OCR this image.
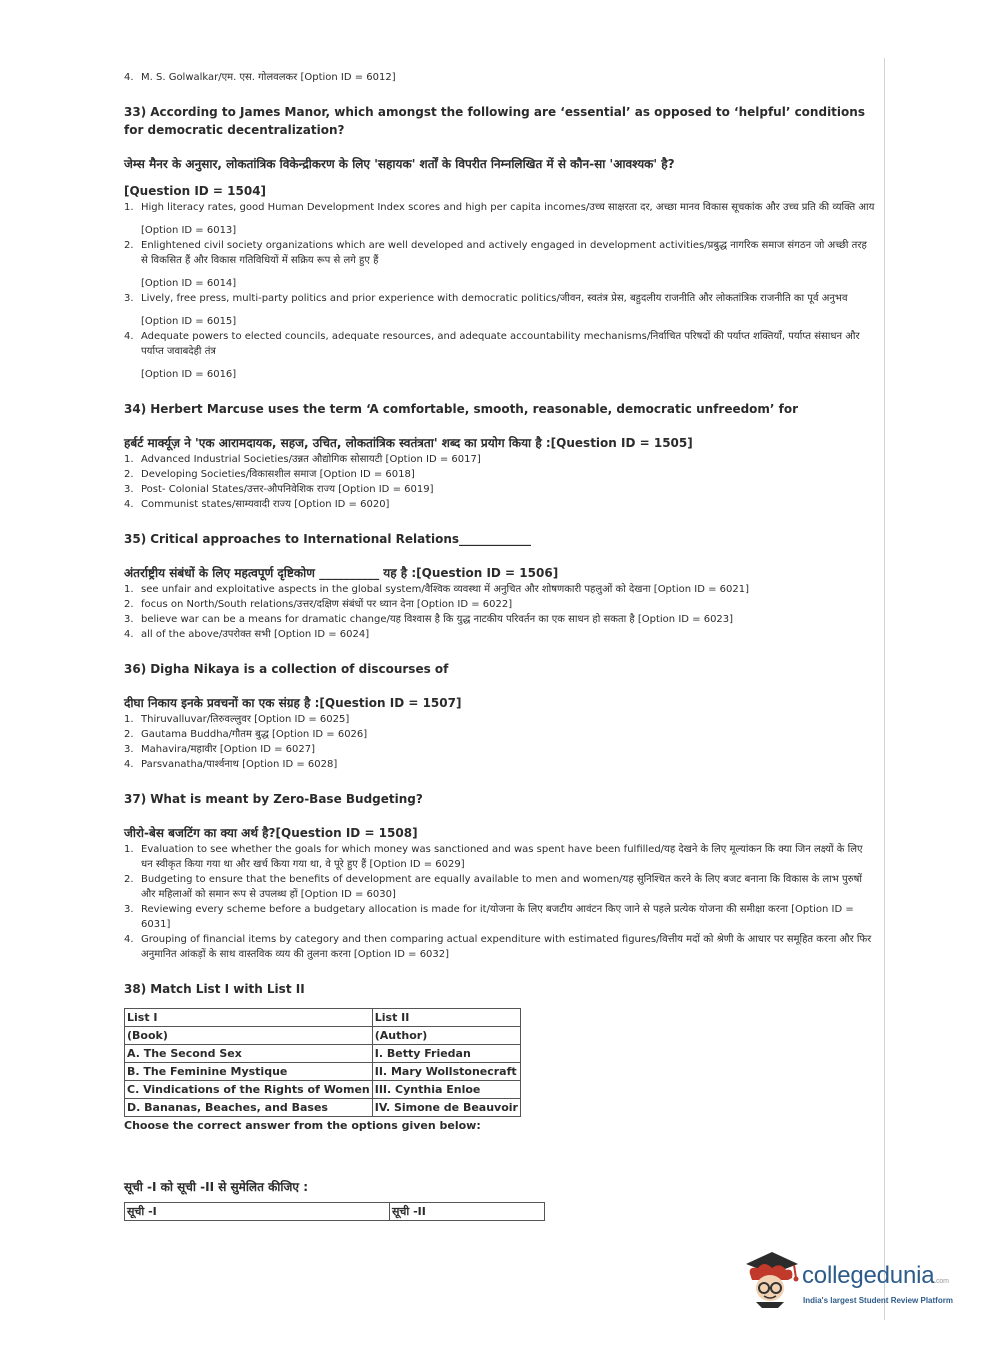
4. M. S. Golwalkar/एम. एस. गोलवलकर [Option ID = 6012]
33) According to James Manor, which amongst the following are ‘essential’ as opposed to ‘helpful’ conditions for democratic decentralization?
जेम्स मैनर के अनुसार, लोकतांत्रिक विकेन्द्रीकरण के लिए 'सहायक' शर्तों के विपरीत निम्नलिखित में से कौन-सा 'आवश्यक' है?
[Question ID = 1504]
1. High literacy rates, good Human Development Index scores and high per capita incomes/उच्च साक्षरता दर, अच्छा मानव विकास सूचकांक और उच्च प्रति की व्यक्ति आय
[Option ID = 6013]
2. Enlightened civil society organizations which are well developed and actively engaged in development activities/प्रबुद्ध नागरिक समाज संगठन जो अच्छी तरह से विकसित हैं और विकास गतिविधियों में सक्रिय रूप से लगे हुए हैं
[Option ID = 6014]
3. Lively, free press, multi-party politics and prior experience with democratic politics/जीवन, स्वतंत्र प्रेस, बहुदलीय राजनीति और लोकतांत्रिक राजनीति का पूर्व अनुभव
[Option ID = 6015]
4. Adequate powers to elected councils, adequate resources, and adequate accountability mechanisms/निर्वाचित परिषदों की पर्याप्त शक्तियाँ, पर्याप्त संसाधन और पर्याप्त जवाबदेही तंत्र
[Option ID = 6016]
34) Herbert Marcuse uses the term ‘A comfortable, smooth, reasonable, democratic unfreedom’ for
हर्बर्ट मार्क्यूज़ ने 'एक आरामदायक, सहज, उचित, लोकतांत्रिक स्वतंत्रता' शब्द का प्रयोग किया है :[Question ID = 1505]
1. Advanced Industrial Societies/उन्नत औद्योगिक सोसायटी [Option ID = 6017]
2. Developing Societies/विकासशील समाज [Option ID = 6018]
3. Post- Colonial States/उत्तर-औपनिवेशिक राज्य [Option ID = 6019]
4. Communist states/साम्यवादी राज्य [Option ID = 6020]
35) Critical approaches to International Relations____________
अंतर्राष्ट्रीय संबंधों के लिए महत्वपूर्ण दृष्टिकोण __________ यह है :[Question ID = 1506]
1. see unfair and exploitative aspects in the global system/वैश्विक व्यवस्था में अनुचित और शोषणकारी पहलुओं को देखना [Option ID = 6021]
2. focus on North/South relations/उत्तर/दक्षिण संबंधों पर ध्यान देना [Option ID = 6022]
3. believe war can be a means for dramatic change/यह विश्वास है कि युद्ध नाटकीय परिवर्तन का एक साधन हो सकता है [Option ID = 6023]
4. all of the above/उपरोक्त सभी [Option ID = 6024]
36) Digha Nikaya is a collection of discourses of
दीघा निकाय इनके प्रवचनों का एक संग्रह है :[Question ID = 1507]
1. Thiruvalluvar/तिरुवल्लुवर [Option ID = 6025]
2. Gautama Buddha/गौतम बुद्ध [Option ID = 6026]
3. Mahavira/महावीर [Option ID = 6027]
4. Parsvanatha/पार्श्वनाथ [Option ID = 6028]
37) What is meant by Zero-Base Budgeting?
जीरो-बेस बजटिंग का क्या अर्थ है?[Question ID = 1508]
1. Evaluation to see whether the goals for which money was sanctioned and was spent have been fulfilled/यह देखने के लिए मूल्यांकन कि क्या जिन लक्ष्यों के लिए धन स्वीकृत किया गया था और खर्च किया गया था, वे पूरे हुए हैं [Option ID = 6029]
2. Budgeting to ensure that the benefits of development are equally available to men and women/यह सुनिश्चित करने के लिए बजट बनाना कि विकास के लाभ पुरुषों और महिलाओं को समान रूप से उपलब्ध हों [Option ID = 6030]
3. Reviewing every scheme before a budgetary allocation is made for it/योजना के लिए बजटीय आवंटन किए जाने से पहले प्रत्येक योजना की समीक्षा करना [Option ID = 6031]
4. Grouping of financial items by category and then comparing actual expenditure with estimated figures/वित्तीय मदों को श्रेणी के आधार पर समूहित करना और फिर अनुमानित आंकड़ों के साथ वास्तविक व्यय की तुलना करना [Option ID = 6032]
38) Match List I with List II
List I	List II
(Book)	(Author)
A. The Second Sex	I. Betty Friedan
B. The Feminine Mystique	II. Mary Wollstonecraft
C. Vindications of the Rights of Women	III. Cynthia Enloe
D. Bananas, Beaches, and Bases	IV. Simone de Beauvoir
Choose the correct answer from the options given below:
सूची -I को सूची -II से सुमेलित कीजिए :
सूची -I	सूची -II
collegedunia.com
India's largest Student Review Platform
